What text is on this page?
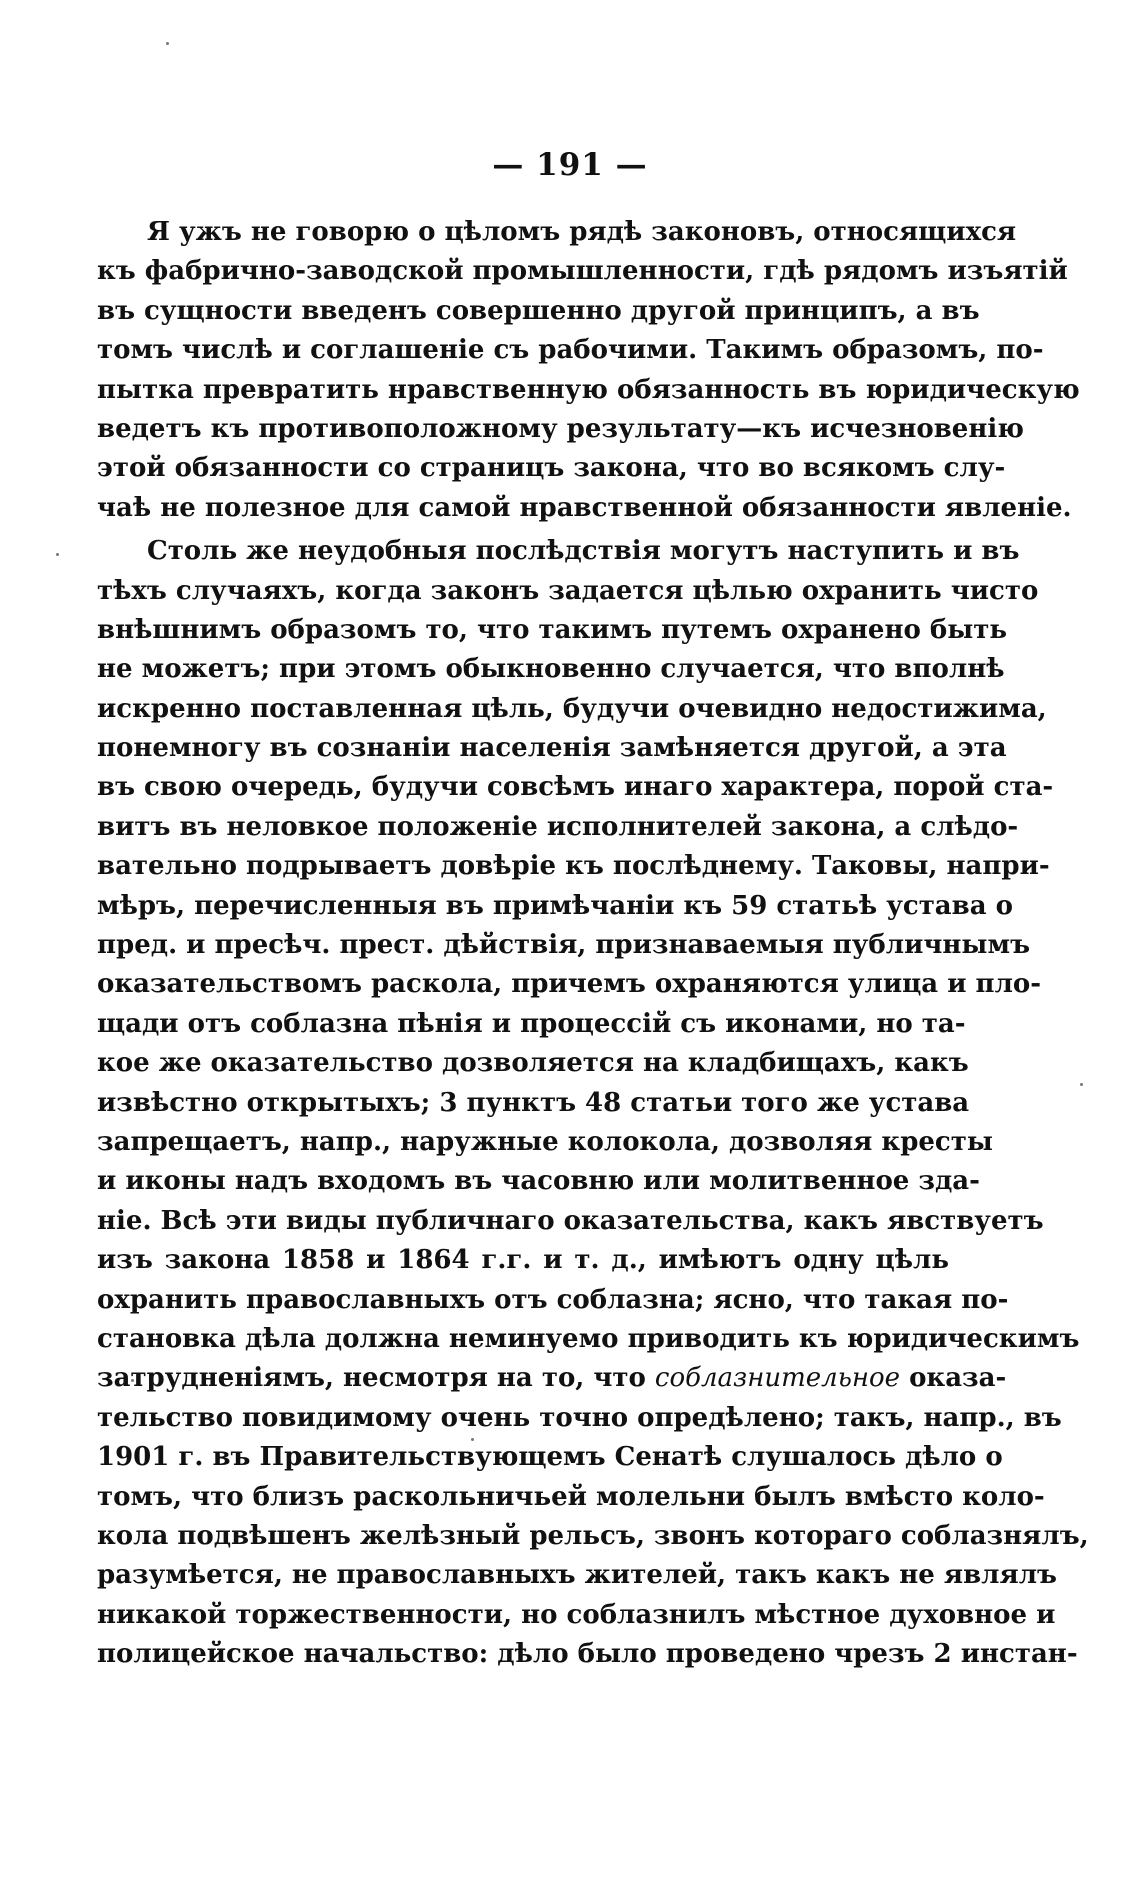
— 191 —
Я ужъ не говорю о цѣломъ рядѣ законовъ, относящихся
къ фабрично-заводской промышленности, гдѣ рядомъ изъятій
въ сущности введенъ совершенно другой принципъ, а въ
томъ числѣ и соглашеніе съ рабочими. Такимъ образомъ, по-
пытка превратить нравственную обязанность въ юридическую
ведетъ къ противоположному результату—къ исчезновенію
этой обязанности со страницъ закона, что во всякомъ слу-
чаѣ не полезное для самой нравственной обязанности явленіе.
Столь же неудобныя послѣдствія могутъ наступить и въ
тѣхъ случаяхъ, когда законъ задается цѣлью охранить чисто
внѣшнимъ образомъ то, что такимъ путемъ охранено быть
не можетъ; при этомъ обыкновенно случается, что вполнѣ
искренно поставленная цѣль, будучи очевидно недостижима,
понемногу въ сознаніи населенія замѣняется другой, а эта
въ свою очередь, будучи совсѣмъ инаго характера, порой ста-
витъ въ неловкое положеніе исполнителей закона, а слѣдо-
вательно подрываетъ довѣріе къ послѣднему. Таковы, напри-
мѣръ, перечисленныя въ примѣчаніи къ 59 статьѣ устава о
пред. и пресѣч. прест. дѣйствія, признаваемыя публичнымъ
оказательствомъ раскола, причемъ охраняются улица и пло-
щади отъ соблазна пѣнія и процессій съ иконами, но та-
кое же оказательство дозволяется на кладбищахъ, какъ
извѣстно открытыхъ; 3 пунктъ 48 статьи того же устава
запрещаетъ, напр., наружные колокола, дозволяя кресты
и иконы надъ входомъ въ часовню или молитвенное зда-
ніе. Всѣ эти виды публичнаго оказательства, какъ явствуетъ
изъ закона 1858 и 1864 г.г. и т. д., имѣютъ одну цѣль
охранить православныхъ отъ соблазна; ясно, что такая по-
становка дѣла должна неминуемо приводить къ юридическимъ
затрудненіямъ, несмотря на то, что соблазнительное оказа-
тельство повидимому очень точно опредѣлено; такъ, напр., въ
1901 г. въ Правительствующемъ Сенатѣ слушалось дѣло о
томъ, что близъ раскольничьей молельни былъ вмѣсто коло-
кола подвѣшенъ желѣзный рельсъ, звонъ котораго соблазнялъ,
разумѣется, не православныхъ жителей, такъ какъ не являлъ
никакой торжественности, но соблазнилъ мѣстное духовное и
полицейское начальство: дѣло было проведено чрезъ 2 инстан-
